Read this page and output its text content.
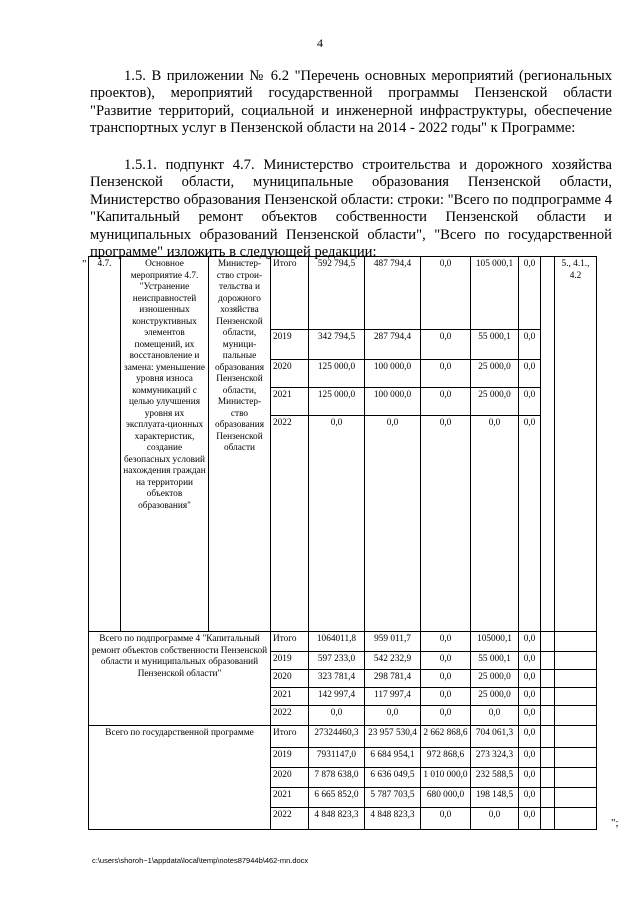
4
1.5. В приложении № 6.2 "Перечень основных мероприятий (региональных проектов), мероприятий государственной программы Пензенской области "Развитие территорий, социальной и инженерной инфраструктуры, обеспечение транспортных услуг в Пензенской области на 2014 - 2022 годы" к Программе:
1.5.1. подпункт 4.7. Министерство строительства и дорожного хозяйства Пензенской области, муниципальные образования Пензенской области, Министерство образования Пензенской области: строки: "Всего по подпрограмме 4 "Капитальный ремонт объектов собственности Пензенской области и муниципальных образований Пензенской области", "Всего по государственной программе" изложить в следующей редакции:
" 4.7.	Основное мероприятие 4.7. "Устранение неисправностей изношенных конструктивных элементов помещений, их восстановление и замена: уменьшение уровня износа коммуникаций с целью улучшения уровня их эксплуата-ционных характеристик, создание безопасных условий нахождения граждан на территории объектов образования"	Министер-ство строи-тельства и дорожного хозяйства Пензенской области, муници-пальные образования Пензенской области, Министер-ство образования Пензенской области	Итого	592 794,5	487 794,4	0,0	105 000,1	0,0		5., 4.1., 4.2
			2019	342 794,5	287 794,4	0,0	55 000,1	0,0		
			2020	125 000,0	100 000,0	0,0	25 000,0	0,0		
			2021	125 000,0	100 000,0	0,0	25 000,0	0,0		
			2022	0,0	0,0	0,0	0,0	0,0		
Всего по подпрограмме 4 "Капитальный ремонт объектов собственности Пензенской области и муниципальных образований Пензенской области"			Итого	1064011,8	959 011,7	0,0	105000,1	0,0		
			2019	597 233,0	542 232,9	0,0	55 000,1	0,0		
			2020	323 781,4	298 781,4	0,0	25 000,0	0,0		
			2021	142 997,4	117 997,4	0,0	25 000,0	0,0		
			2022	0,0	0,0	0,0	0,0	0,0		
Всего по государственной программе			Итого	27324460,3	23 957 530,4	2 662 868,6	704 061,3	0,0		
			2019	7931147,0	6 684 954,1	972 868,6	273 324,3	0,0		
			2020	7 878 638,0	6 636 049,5	1 010 000,0	232 588,5	0,0		
			2021	6 665 852,0	5 787 703,5	680 000,0	198 148,5	0,0		
			2022	4 848 823,3	4 848 823,3	0,0	0,0	0,0		
";
c:\users\shoroh~1\appdata\local\temp\notes87944b\462-mn.docx
